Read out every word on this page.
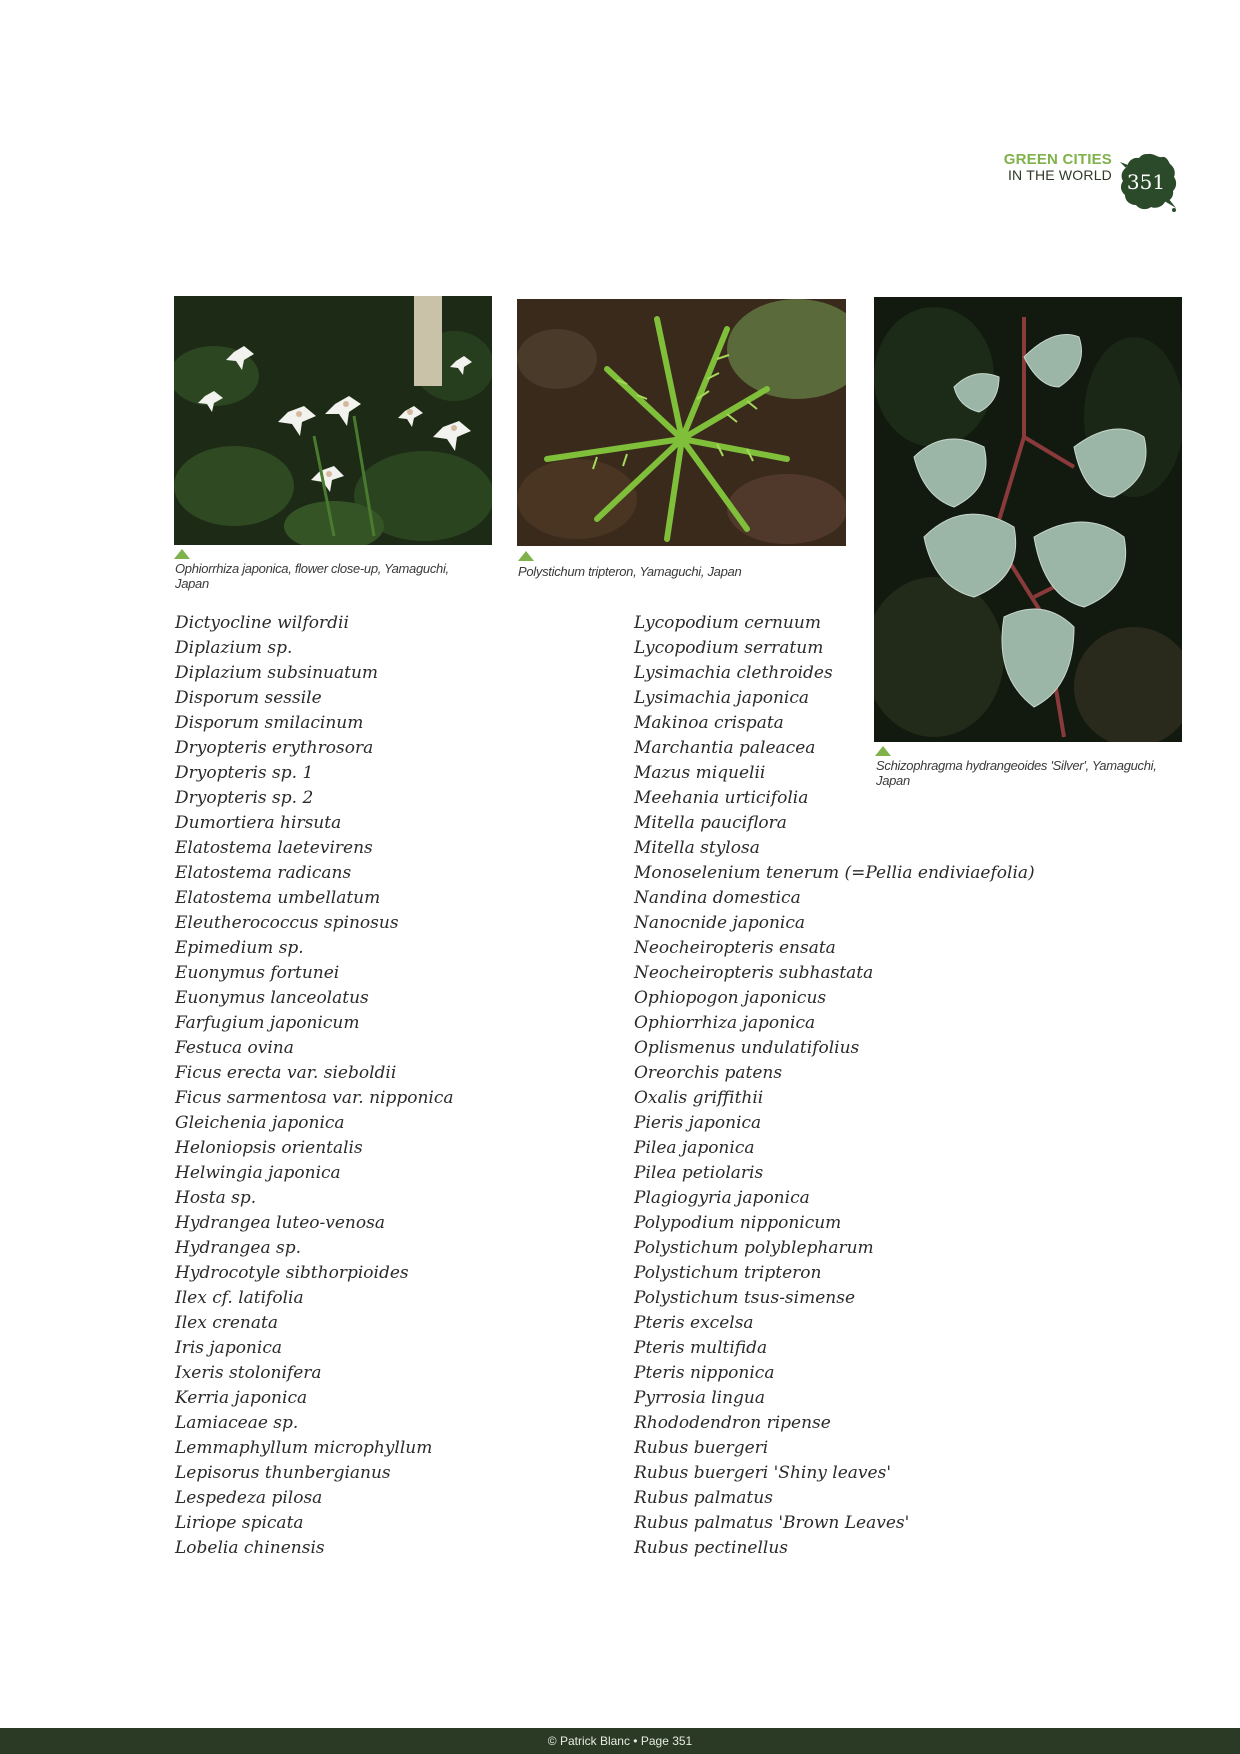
GREEN CITIES
IN THE WORLD 351
Ophiorrhiza japonica, flower close-up, Yamaguchi, Japan
Polystichum tripteron, Yamaguchi, Japan
Schizophragma hydrangeoides 'Silver', Yamaguchi, Japan
Dictyocline wilfordii
Diplazium sp.
Diplazium subsinuatum
Disporum sessile
Disporum smilacinum
Dryopteris erythrosora
Dryopteris sp. 1
Dryopteris sp. 2
Dumortiera hirsuta
Elatostema laetevirens
Elatostema radicans
Elatostema umbellatum
Eleutherococcus spinosus
Epimedium sp.
Euonymus fortunei
Euonymus lanceolatus
Farfugium japonicum
Festuca ovina
Ficus erecta var. sieboldii
Ficus sarmentosa var. nipponica
Gleichenia japonica
Heloniopsis orientalis
Helwingia japonica
Hosta sp.
Hydrangea luteo-venosa
Hydrangea sp.
Hydrocotyle sibthorpioides
Ilex cf. latifolia
Ilex crenata
Iris japonica
Ixeris stolonifera
Kerria japonica
Lamiaceae sp.
Lemmaphyllum microphyllum
Lepisorus thunbergianus
Lespedeza pilosa
Liriope spicata
Lobelia chinensis
Lycopodium cernuum
Lycopodium serratum
Lysimachia clethroides
Lysimachia japonica
Makinoa crispata
Marchantia paleacea
Mazus miquelii
Meehania urticifolia
Mitella pauciflora
Mitella stylosa
Monoselenium tenerum (=Pellia endiviaefolia)
Nandina domestica
Nanocnide japonica
Neocheiropteris ensata
Neocheiropteris subhastata
Ophiopogon japonicus
Ophiorrhiza japonica
Oplismenus undulatifolius
Oreorchis patens
Oxalis griffithii
Pieris japonica
Pilea japonica
Pilea petiolaris
Plagiogyria japonica
Polypodium nipponicum
Polystichum polyblepharum
Polystichum tripteron
Polystichum tsus-simense
Pteris excelsa
Pteris multifida
Pteris nipponica
Pyrrosia lingua
Rhododendron ripense
Rubus buergeri
Rubus buergeri 'Shiny leaves'
Rubus palmatus
Rubus palmatus 'Brown Leaves'
Rubus pectinellus
© Patrick Blanc • Page 351
